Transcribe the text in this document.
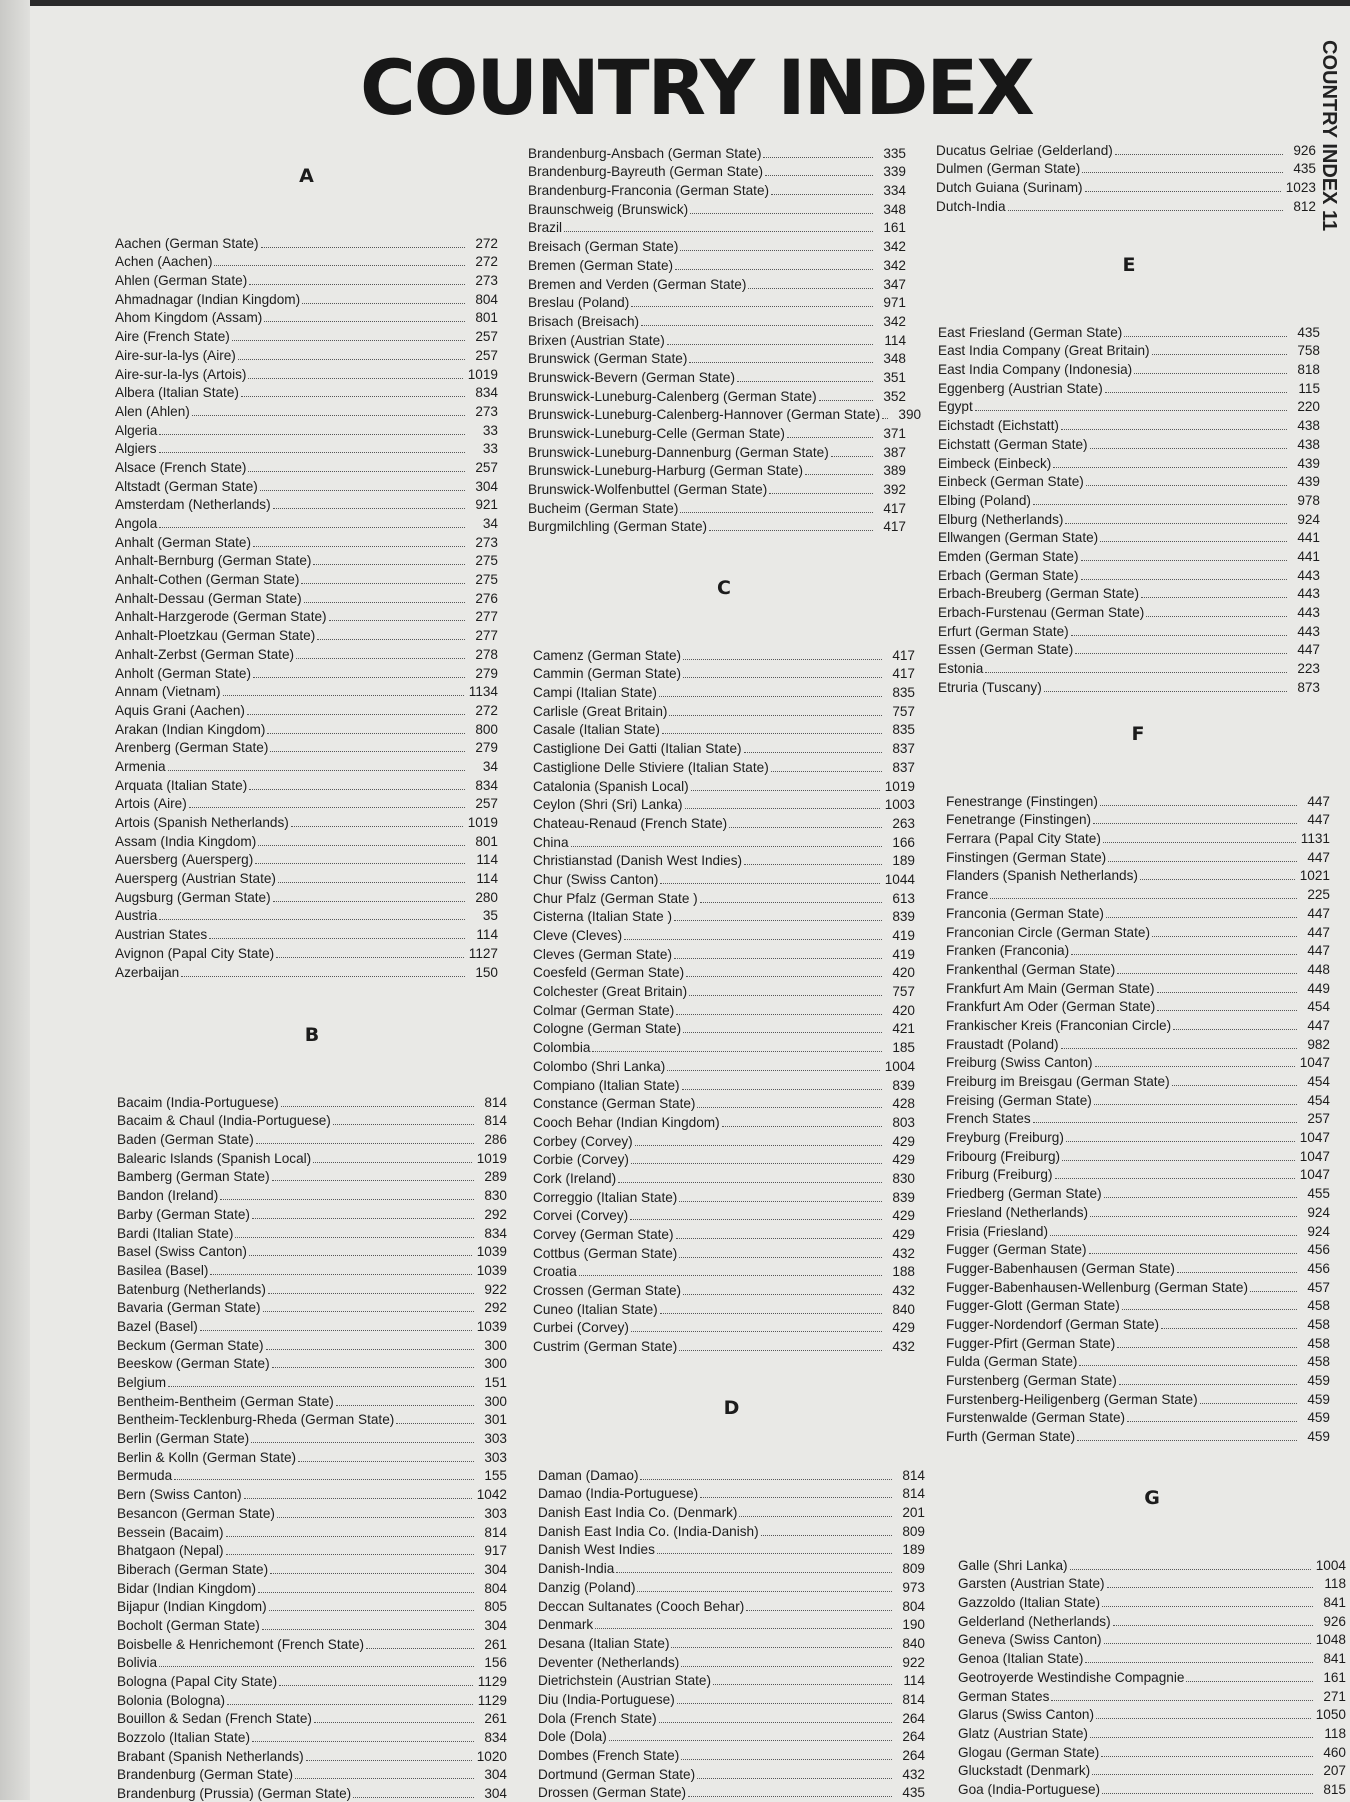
COUNTRY INDEX	COUNTRY INDEX 11
A
Aachen (German State)	272
Achen (Aachen)	272
Ahlen (German State)	273
Ahmadnagar (Indian Kingdom)	804
Ahom Kingdom (Assam)	801
Aire (French State)	257
Aire-sur-la-lys (Aire)	257
Aire-sur-la-lys (Artois)	1019
Albera (Italian State)	834
Alen (Ahlen)	273
Algeria	33
Algiers	33
Alsace (French State)	257
Altstadt (German State)	304
Amsterdam (Netherlands)	921
Angola	34
Anhalt (German State)	273
Anhalt-Bernburg (German State)	275
Anhalt-Cothen (German State)	275
Anhalt-Dessau (German State)	276
Anhalt-Harzgerode (German State)	277
Anhalt-Ploetzkau (German State)	277
Anhalt-Zerbst (German State)	278
Anholt (German State)	279
Annam (Vietnam)	1134
Aquis Grani (Aachen)	272
Arakan (Indian Kingdom)	800
Arenberg (German State)	279
Armenia	34
Arquata (Italian State)	834
Artois (Aire)	257
Artois (Spanish Netherlands)	1019
Assam (India Kingdom)	801
Auersberg (Auersperg)	114
Auersperg (Austrian State)	114
Augsburg (German State)	280
Austria	35
Austrian States	114
Avignon (Papal City State)	1127
Azerbaijan	150
B
Bacaim (India-Portuguese)	814
Bacaim & Chaul (India-Portuguese)	814
Baden (German State)	286
Balearic Islands (Spanish Local)	1019
Bamberg (German State)	289
Bandon (Ireland)	830
Barby (German State)	292
Bardi (Italian State)	834
Basel (Swiss Canton)	1039
Basilea (Basel)	1039
Batenburg (Netherlands)	922
Bavaria (German State)	292
Bazel (Basel)	1039
Beckum (German State)	300
Beeskow (German State)	300
Belgium	151
Bentheim-Bentheim (German State)	300
Bentheim-Tecklenburg-Rheda (German State)	301
Berlin (German State)	303
Berlin & Kolln (German State)	303
Bermuda	155
Bern (Swiss Canton)	1042
Besancon (German State)	303
Bessein (Bacaim)	814
Bhatgaon (Nepal)	917
Biberach (German State)	304
Bidar (Indian Kingdom)	804
Bijapur (Indian Kingdom)	805
Bocholt (German State)	304
Boisbelle & Henrichemont (French State)	261
Bolivia	156
Bologna (Papal City State)	1129
Bolonia (Bologna)	1129
Bouillon & Sedan (French State)	261
Bozzolo (Italian State)	834
Brabant (Spanish Netherlands)	1020
Brandenburg (German State)	304
Brandenburg (Prussia) (German State)	304
Brandenburg-Ansbach (German State)	335
Brandenburg-Bayreuth (German State)	339
Brandenburg-Franconia (German State)	334
Braunschweig (Brunswick)	348
Brazil	161
Breisach (German State)	342
Bremen (German State)	342
Bremen and Verden (German State)	347
Breslau (Poland)	971
Brisach (Breisach)	342
Brixen (Austrian State)	114
Brunswick (German State)	348
Brunswick-Bevern (German State)	351
Brunswick-Luneburg-Calenberg (German State)	352
Brunswick-Luneburg-Calenberg-Hannover (German State)	390
Brunswick-Luneburg-Celle (German State)	371
Brunswick-Luneburg-Dannenburg (German State)	387
Brunswick-Luneburg-Harburg (German State)	389
Brunswick-Wolfenbuttel (German State)	392
Bucheim (German State)	417
Burgmilchling (German State)	417
C
Camenz (German State)	417
Cammin (German State)	417
Campi (Italian State)	835
Carlisle (Great Britain)	757
Casale (Italian State)	835
Castiglione Dei Gatti (Italian State)	837
Castiglione Delle Stiviere (Italian State)	837
Catalonia (Spanish Local)	1019
Ceylon (Shri (Sri) Lanka)	1003
Chateau-Renaud (French State)	263
China	166
Christianstad (Danish West Indies)	189
Chur (Swiss Canton)	1044
Chur Pfalz (German State )	613
Cisterna (Italian State )	839
Cleve (Cleves)	419
Cleves (German State)	419
Coesfeld (German State)	420
Colchester (Great Britain)	757
Colmar (German State)	420
Cologne (German State)	421
Colombia	185
Colombo (Shri Lanka)	1004
Compiano (Italian State)	839
Constance (German State)	428
Cooch Behar (Indian Kingdom)	803
Corbey (Corvey)	429
Corbie (Corvey)	429
Cork (Ireland)	830
Correggio (Italian State)	839
Corvei (Corvey)	429
Corvey (German State)	429
Cottbus (German State)	432
Croatia	188
Crossen (German State)	432
Cuneo (Italian State)	840
Curbei (Corvey)	429
Custrim (German State)	432
D
Daman (Damao)	814
Damao (India-Portuguese)	814
Danish East India Co. (Denmark)	201
Danish East India Co. (India-Danish)	809
Danish West Indies	189
Danish-India	809
Danzig (Poland)	973
Deccan Sultanates (Cooch Behar)	804
Denmark	190
Desana (Italian State)	840
Deventer (Netherlands)	922
Dietrichstein (Austrian State)	114
Diu (India-Portuguese)	814
Dola (French State)	264
Dole (Dola)	264
Dombes (French State)	264
Dortmund (German State)	432
Drossen (German State)	435
Ducatus Gelriae (Gelderland)	926
Dulmen (German State)	435
Dutch Guiana (Surinam)	1023
Dutch-India	812
E
East Friesland (German State)	435
East India Company (Great Britain)	758
East India Company (Indonesia)	818
Eggenberg (Austrian State)	115
Egypt	220
Eichstadt (Eichstatt)	438
Eichstatt (German State)	438
Eimbeck (Einbeck)	439
Einbeck (German State)	439
Elbing (Poland)	978
Elburg (Netherlands)	924
Ellwangen (German State)	441
Emden (German State)	441
Erbach (German State)	443
Erbach-Breuberg (German State)	443
Erbach-Furstenau (German State)	443
Erfurt (German State)	443
Essen (German State)	447
Estonia	223
Etruria (Tuscany)	873
F
Fenestrange (Finstingen)	447
Fenetrange (Finstingen)	447
Ferrara (Papal City State)	1131
Finstingen (German State)	447
Flanders (Spanish Netherlands)	1021
France	225
Franconia (German State)	447
Franconian Circle (German State)	447
Franken (Franconia)	447
Frankenthal (German State)	448
Frankfurt Am Main (German State)	449
Frankfurt Am Oder (German State)	454
Frankischer Kreis (Franconian Circle)	447
Fraustadt (Poland)	982
Freiburg (Swiss Canton)	1047
Freiburg im Breisgau (German State)	454
Freising (German State)	454
French States	257
Freyburg (Freiburg)	1047
Fribourg (Freiburg)	1047
Friburg (Freiburg)	1047
Friedberg (German State)	455
Friesland (Netherlands)	924
Frisia (Friesland)	924
Fugger (German State)	456
Fugger-Babenhausen (German State)	456
Fugger-Babenhausen-Wellenburg (German State)	457
Fugger-Glott (German State)	458
Fugger-Nordendorf (German State)	458
Fugger-Pfirt (German State)	458
Fulda (German State)	458
Furstenberg (German State)	459
Furstenberg-Heiligenberg (German State)	459
Furstenwalde (German State)	459
Furth (German State)	459
G
Galle (Shri Lanka)	1004
Garsten (Austrian State)	118
Gazzoldo (Italian State)	841
Gelderland (Netherlands)	926
Geneva (Swiss Canton)	1048
Genoa (Italian State)	841
Geotroyerde Westindishe Compagnie	161
German States	271
Glarus (Swiss Canton)	1050
Glatz (Austrian State)	118
Glogau (German State)	460
Gluckstadt (Denmark)	207
Goa (India-Portuguese)	815
